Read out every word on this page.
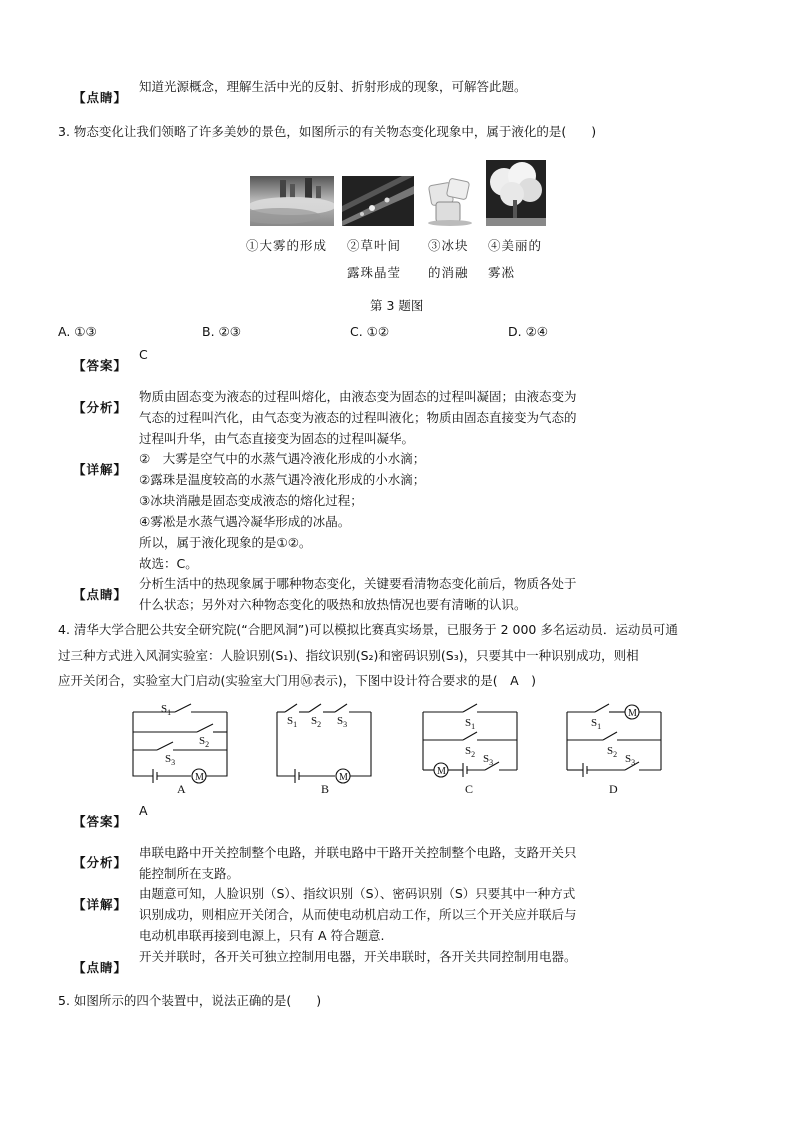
知道光源概念，理解生活中光的反射、折射形成的现象，可解答此题。
【点睛】
3. 物态变化让我们领略了许多美妙的景色，如图所示的有关物态变化现象中，属于液化的是(　　)
①大雾的形成 ②草叶间
露珠晶莹
③冰块
的消融
④美丽的
雾凇
第 3 题图
A. ①③	B. ②③	C. ①②	D. ②④
C
【答案】
物质由固态变为液态的过程叫熔化，由液态变为固态的过程叫凝固；由液态变为
气态的过程叫汽化，由气态变为液态的过程叫液化；物质由固态直接变为气态的
过程叫升华，由气态直接变为固态的过程叫凝华。
【分析】
②　大雾是空气中的水蒸气遇冷液化形成的小水滴；
②露珠是温度较高的水蒸气遇冷液化形成的小水滴；
③冰块消融是固态变成液态的熔化过程；
④雾凇是水蒸气遇冷凝华形成的冰晶。
所以，属于液化现象的是①②。
故选：C。
【详解】
分析生活中的热现象属于哪种物态变化，关键要看清物态变化前后，物质各处于
什么状态；另外对六种物态变化的吸热和放热情况也要有清晰的认识。
【点睛】
4. 清华大学合肥公共安全研究院(“合肥风洞”)可以模拟比赛真实场景，已服务于 2 000 多名运动员．运动员可通
过三种方式进入风洞实验室：人脸识别(S₁)、指纹识别(S₂)和密码识别(S₃)，只要其中一种识别成功，则相
应开关闭合，实验室大门启动(实验室大门用Ⓜ表示)，下图中设计符合要求的是(　A　)
$S_1$
$S_2$
$S_3$
M
A
$S_1$ $S_2$ $S_3$
M
B
$S_1$
$S_2$ $S_3$
M
C
$S_1$
$S_2$ $S_3$
M
D
A
【答案】
串联电路中开关控制整个电路，并联电路中干路开关控制整个电路，支路开关只
能控制所在支路。
【分析】
由题意可知，人脸识别（S）、指纹识别（S）、密码识别（S）只要其中一种方式
识别成功，则相应开关闭合，从而使电动机启动工作，所以三个开关应并联后与
电动机串联再接到电源上，只有 A 符合题意.
【详解】
开关并联时，各开关可独立控制用电器，开关串联时，各开关共同控制用电器。
【点睛】
5. 如图所示的四个装置中，说法正确的是(　　)
